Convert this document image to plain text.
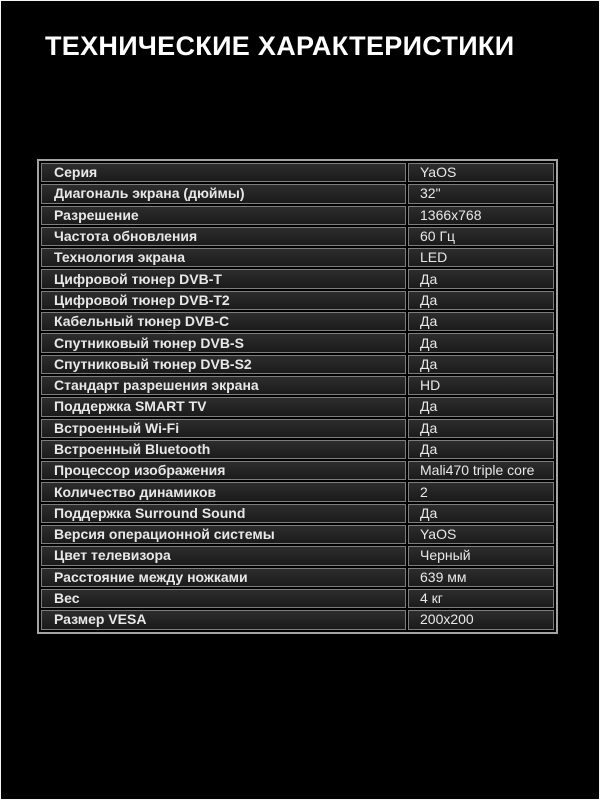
ТЕХНИЧЕСКИЕ ХАРАКТЕРИСТИКИ
Серия	YaOS
Диагональ экрана (дюймы)	32"
Разрешение	1366x768
Частота обновления	60 Гц
Технология экрана	LED
Цифровой тюнер DVB-T	Да
Цифровой тюнер DVB-T2	Да
Кабельный тюнер DVB-C	Да
Спутниковый тюнер DVB-S	Да
Спутниковый тюнер DVB-S2	Да
Стандарт разрешения экрана	HD
Поддержка SMART TV	Да
Встроенный Wi-Fi	Да
Встроенный Bluetooth	Да
Процессор изображения	Mali470 triple core
Количество динамиков	2
Поддержка Surround Sound	Да
Версия операционной системы	YaOS
Цвет телевизора	Черный
Расстояние между ножками	639 мм
Вес	4 кг
Размер VESA	200x200
